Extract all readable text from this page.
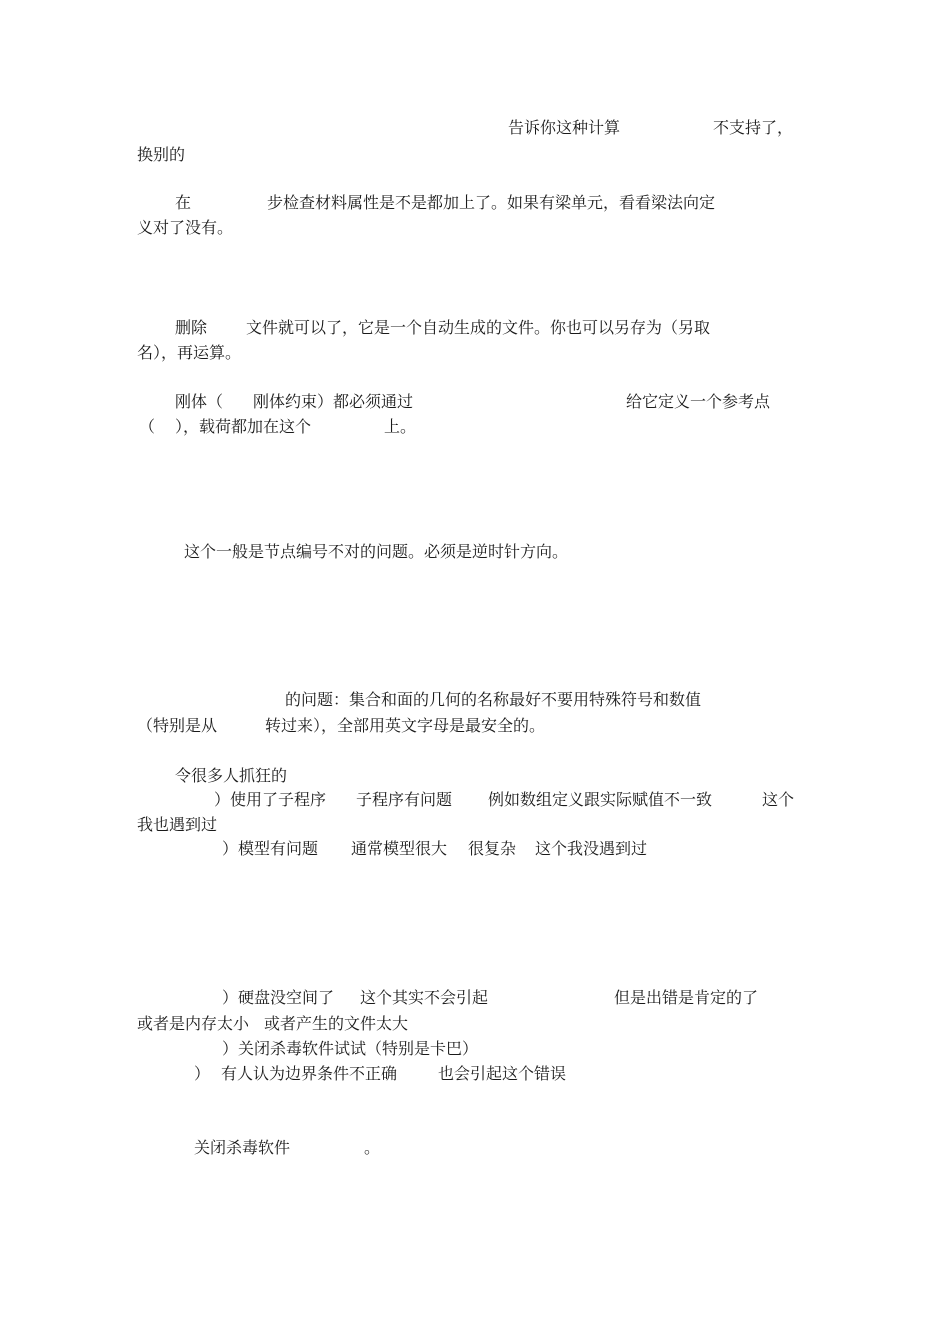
告诉你这种计算	不支持了，

换别的

在	步检查材料属性是不是都加上了。如果有梁单元，看看梁法向定

义对了没有。

删除 文件就可以了，它是一个自动生成的文件。你也可以另存为（另取

名），再运算。

刚体（ 刚体约束）都必须通过	给它定义一个参考点

（ ），载荷都加在这个	上。

这个一般是节点编号不对的问题。必须是逆时针方向。

的问题：集合和面的几何的名称最好不要用特殊符号和数值

（特别是从	转过来），全部用英文字母是最安全的。

令很多人抓狂的

）使用了子程序 子程序有问题 例如数组定义跟实际赋值不一致	这个

我也遇到过

）模型有问题 通常模型很大 很复杂 这个我没遇到过

）硬盘没空间了 这个其实不会引起	但是出错是肯定的了

或者是内存太小 或者产生的文件太大

）关闭杀毒软件试试（特别是卡巴）

） 有人认为边界条件不正确	也会引起这个错误

关闭杀毒软件	。
